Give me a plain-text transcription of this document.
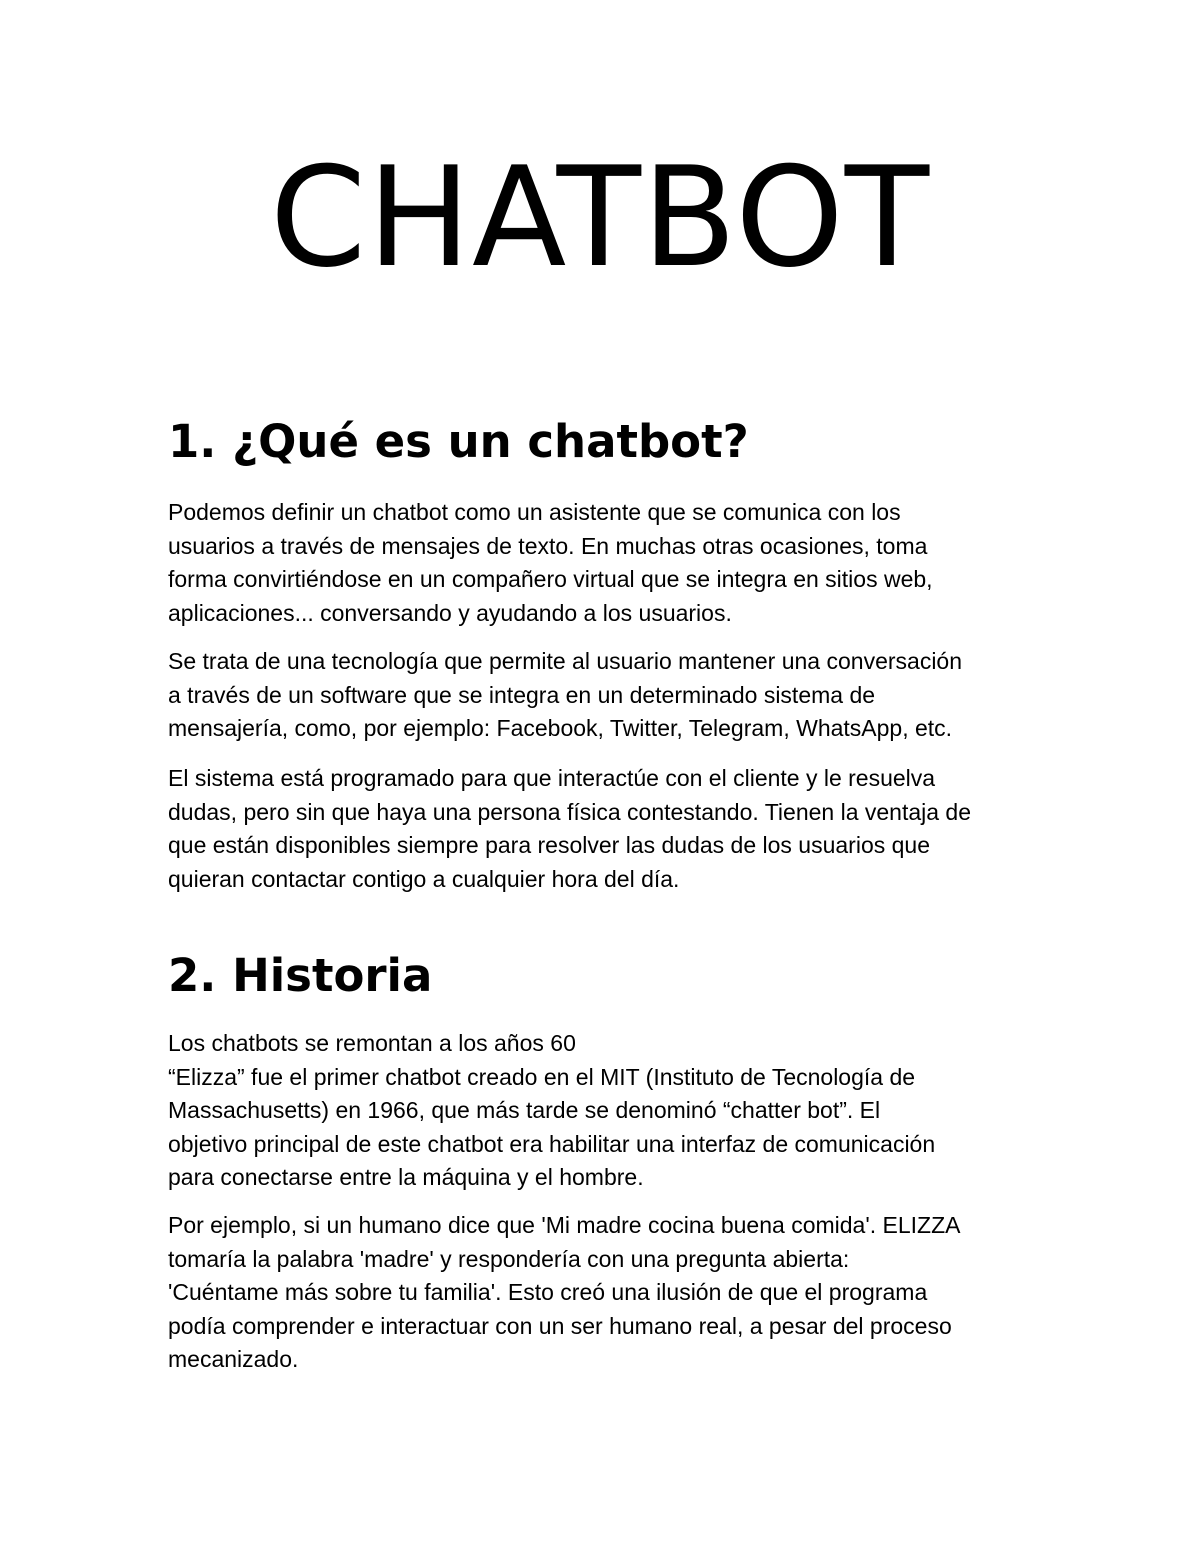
CHATBOT
1. ¿Qué es un chatbot?

Podemos definir un chatbot como un asistente que se comunica con los
usuarios a través de mensajes de texto. En muchas otras ocasiones, toma
forma convirtiéndose en un compañero virtual que se integra en sitios web,
aplicaciones... conversando y ayudando a los usuarios.

Se trata de una tecnología que permite al usuario mantener una conversación
a través de un software que se integra en un determinado sistema de
mensajería, como, por ejemplo: Facebook, Twitter, Telegram, WhatsApp, etc.

El sistema está programado para que interactúe con el cliente y le resuelva
dudas, pero sin que haya una persona física contestando. Tienen la ventaja de
que están disponibles siempre para resolver las dudas de los usuarios que
quieran contactar contigo a cualquier hora del día.

2. Historia

Los chatbots se remontan a los años 60
“Elizza” fue el primer chatbot creado en el MIT (Instituto de Tecnología de
Massachusetts) en 1966, que más tarde se denominó “chatter bot”. El
objetivo principal de este chatbot era habilitar una interfaz de comunicación
para conectarse entre la máquina y el hombre.

Por ejemplo, si un humano dice que 'Mi madre cocina buena comida'. ELIZZA
tomaría la palabra 'madre' y respondería con una pregunta abierta:
'Cuéntame más sobre tu familia'. Esto creó una ilusión de que el programa
podía comprender e interactuar con un ser humano real, a pesar del proceso
mecanizado.
